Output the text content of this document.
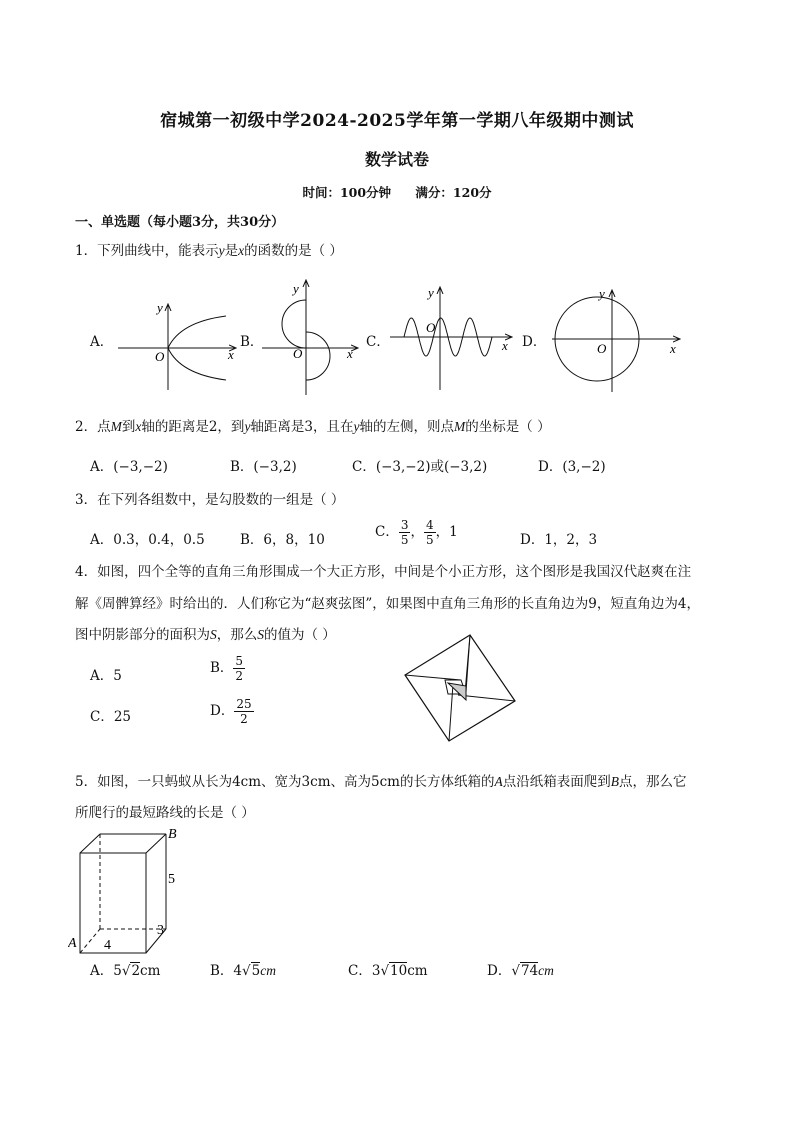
宿城第一初级中学2024-2025学年第一学期八年级期中测试
数学试卷
时间：100分钟 满分：120分
一、单选题（每小题3分，共30分）
1．下列曲线中，能表示y是x的函数的是（ ）
A．	B．	C．	D．
x
y
O	x
y
O
x
y
O
x
y
O
2．点M到x轴的距离是2，到y轴距离是3，且在y轴的左侧，则点M的坐标是（ ）
A．(−3,−2)	B．(−3,2)	C．(−3,−2)或(−3,2)	D．(3,−2)
3．在下列各组数中，是勾股数的一组是（ ）
A．0.3，0.4，0.5	B．6，8，10	C． $\frac{3}{5}$ ， $\frac{4}{5}$ ，1	D．1，2，3
4．如图，四个全等的直角三角形围成一个大正方形，中间是个小正方形，这个图形是我国汉代赵爽在注
解《周髀算经》时给出的．人们称它为“赵爽弦图”，如果图中直角三角形的长直角边为9，短直角边为4，
图中阴影部分的面积为S，那么S的值为（ ）
A．5	B． $\frac{5}{2}$
C．25	D． $\frac{25}{2}$
5．如图，一只蚂蚁从长为4cm、宽为3cm、高为5cm的长方体纸箱的A点沿纸箱表面爬到B点，那么它
所爬行的最短路线的长是（ ）
A
B
4
3
5
A．5√2cm	B．4√5cm	C．3√10cm	D．√74cm
